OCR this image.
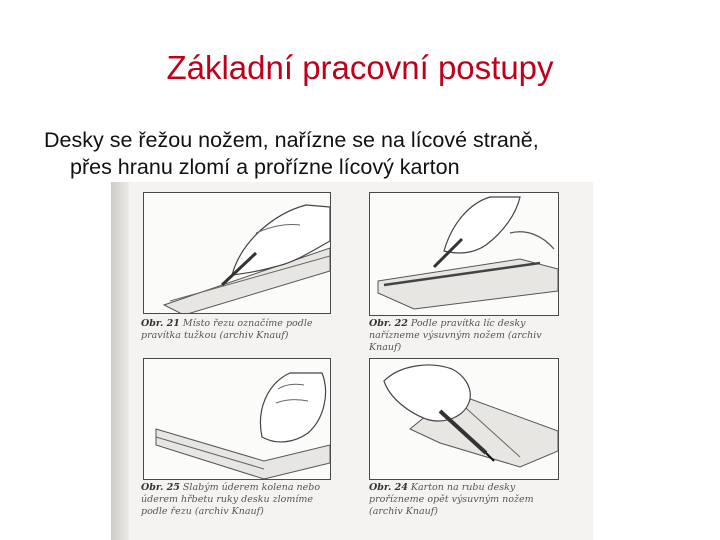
Základní pracovní postupy
Desky se řežou nožem, nařízne se na lícové straně,
přes hranu zlomí a prořízne lícový karton
Obr. 21 Místo řezu označíme podle pravítka tužkou (archiv Knauf)
Obr. 22 Podle pravítka líc desky nařízneme výsuvným nožem (archiv Knauf)
Obr. 25 Slabým úderem kolena nebo úderem hřbetu ruky desku zlomíme podle řezu (archiv Knauf)
Obr. 24 Karton na rubu desky prořízneme opět výsuvným nožem (archiv Knauf)
